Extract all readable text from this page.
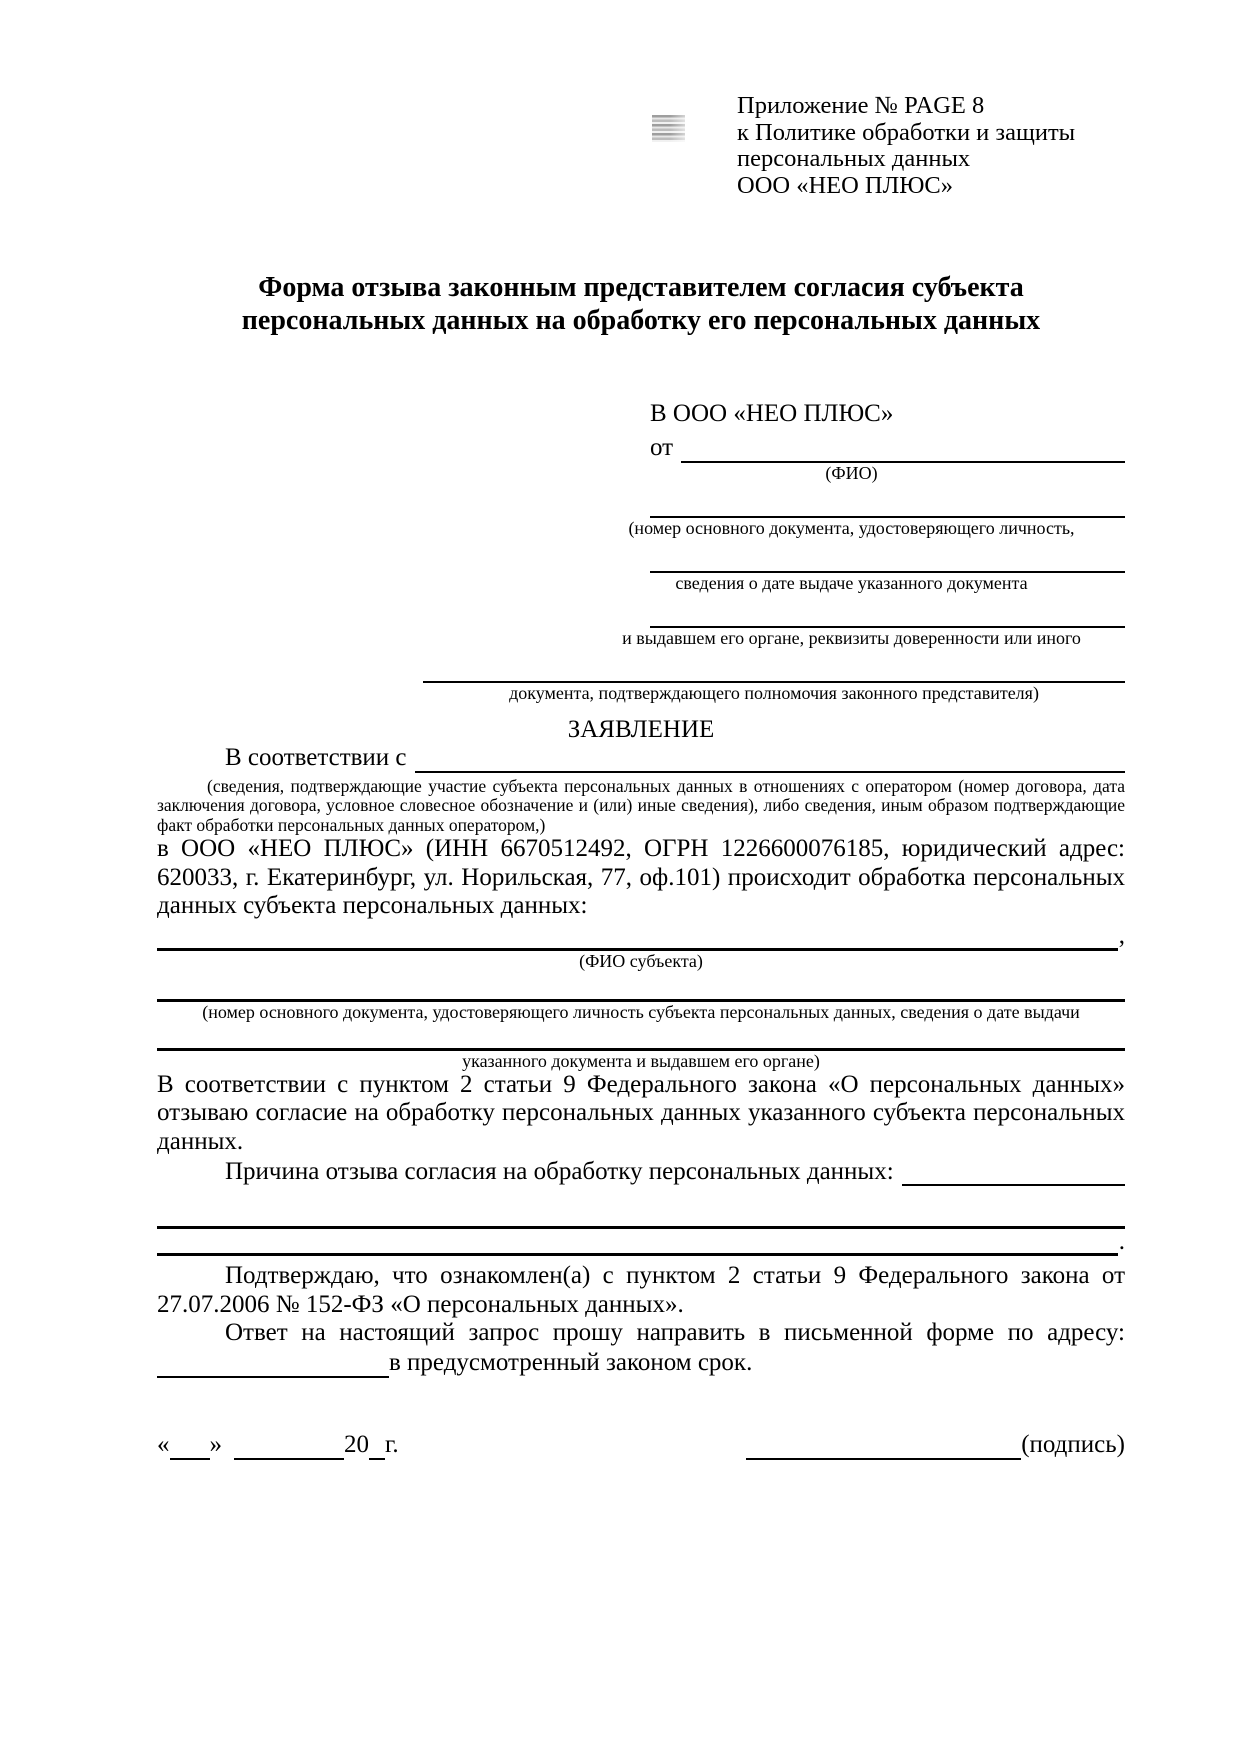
Приложение № PAGE 8
к Политике обработки и защиты
персональных данных
ООО «НЕО ПЛЮС»
Форма отзыва законным представителем согласия субъекта персональных данных на обработку его персональных данных
В ООО «НЕО ПЛЮС»
от
(ФИО)
(номер основного документа, удостоверяющего личность,
сведения о дате выдаче указанного документа
и выдавшем его органе, реквизиты доверенности или иного
документа, подтверждающего полномочия законного представителя)

ЗАЯВЛЕНИЕ

В соответствии с

(сведения, подтверждающие участие субъекта персональных данных в отношениях с оператором (номер договора, дата заключения договора, условное словесное обозначение и (или) иные сведения), либо сведения, иным образом подтверждающие факт обработки персональных данных оператором,)

в ООО «НЕО ПЛЮС» (ИНН 6670512492, ОГРН 1226600076185, юридический адрес: 620033, г. Екатеринбург, ул. Норильская, 77, оф.101) происходит обработка персональных данных субъекта персональных данных:

,
(ФИО субъекта)
(номер основного документа, удостоверяющего личность субъекта персональных данных, сведения о дате выдачи
указанного документа и выдавшем его органе)

В соответствии с пунктом 2 статьи 9 Федерального закона «О персональных данных» отзываю согласие на обработку персональных данных указанного субъекта персональных данных.

Причина отзыва согласия на обработку персональных данных:
.

Подтверждаю, что ознакомлен(а) с пунктом 2 статьи 9 Федерального закона от 27.07.2006 № 152-ФЗ «О персональных данных».

Ответ на настоящий запрос прошу направить в письменной форме по адресу:

в предусмотренный законом срок.
« »	20 г.	(подпись)
